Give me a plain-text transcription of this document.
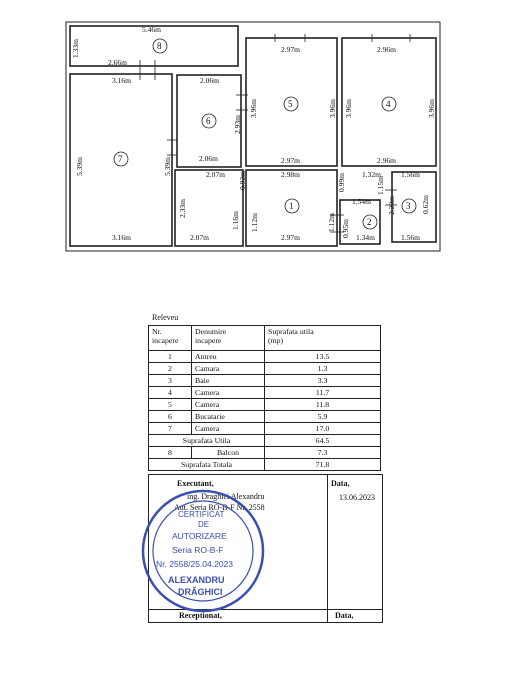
5.46m
1.33m
2.66m
3.16m
5.39m	5.39m
3.16m
2.06m
2.93m
2.06m
2.97m
3.96m	3.96m
2.97m
2.96m
3.96m	3.96m
2.96m
2.07m 0.92m
2.33m
1.16m
2.07m
2.98m
1.12m	1.12m
2.97m
0.99m 1.32m
1.15m
1.54m 2.20m
0.95m 1.34m
1.56m
0.62m
1.56m
1
2
3
4
5
6
7
8
Releveu
Nr.
incapere	Denumire
incapere	Suprafata utila
(mp)
1	Antreu	13.5
2	Camara	1.3
3	Baie	3.3
4	Camera	11.7
5	Camera	11.8
6	Bucatarie	5.9
7	Camera	17.0
Suprafata Utila		64.5
8	Balcon	7.3
Suprafata Totala		71.8
Executant,	Data,
13.06.2023
ing. Draghici Alexandru
Aut. Seria RO-B-F Nr. 2558
Receptionat,	Data,
CERTIFICAT
DE
AUTORIZARE
Seria RO-B-F
Nr. 2558/25.04.2023
ALEXANDRU
DRĂGHICI
